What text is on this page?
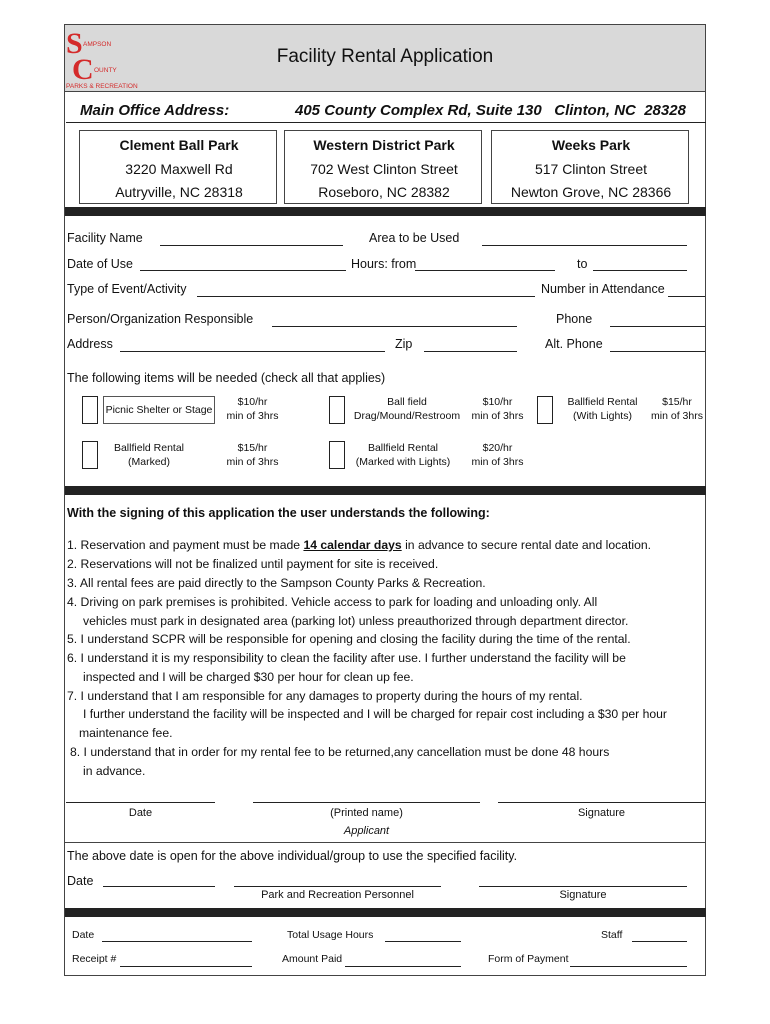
S AMPSON
C OUNTY
PARKS & RECREATION
Facility Rental Application
Main Office Address:	405 County Complex Rd, Suite 130   Clinton, NC  28328
Clement Ball Park
3220 Maxwell Rd
Autryville, NC 28318
Western District Park
702 West Clinton Street
Roseboro, NC 28382
Weeks Park
517 Clinton Street
Newton Grove, NC 28366
Facility Name	Area to be Used
Date of Use	Hours: from	to
Type of Event/Activity	Number in Attendance
Person/Organization Responsible	Phone
Address	Zip	Alt. Phone
The following items will be needed (check all that applies)
Picnic Shelter or Stage
$10/hr
min of 3hrs
Ball field
Drag/Mound/Restroom
$10/hr
min of 3hrs
Ballfield Rental
(With Lights)
$15/hr
min of 3hrs
Ballfield Rental
(Marked)
$15/hr
min of 3hrs
Ballfield Rental
(Marked with Lights)
$20/hr
min of 3hrs
With the signing of this application the user understands the following:
1. Reservation and payment must be made 14 calendar days in advance to secure rental date and location.
2. Reservations will not be finalized until payment for site is received.
3. All rental fees are paid directly to the Sampson County Parks & Recreation.
4. Driving on park premises is prohibited. Vehicle access to park for loading and unloading only. All
vehicles must park in designated area (parking lot) unless preauthorized through department director.
5. I understand SCPR will be responsible for opening and closing the facility during the time of the rental.
6. I understand it is my responsibility to clean the facility after use. I further understand the facility will be
inspected and I will be charged $30 per hour for clean up fee.
7. I understand that I am responsible for any damages to property during the hours of my rental.
I further understand the facility will be inspected and I will be charged for repair cost including a $30 per hour
maintenance fee.
8. I understand that in order for my rental fee to be returned,any cancellation must be done 48 hours
in advance.
Date	(Printed name)	Signature
Applicant
The above date is open for the above individual/group to use the specified facility.
Date
Park and Recreation Personnel	Signature
Date	Total Usage Hours	Staff
Receipt #	Amount Paid	Form of Payment
